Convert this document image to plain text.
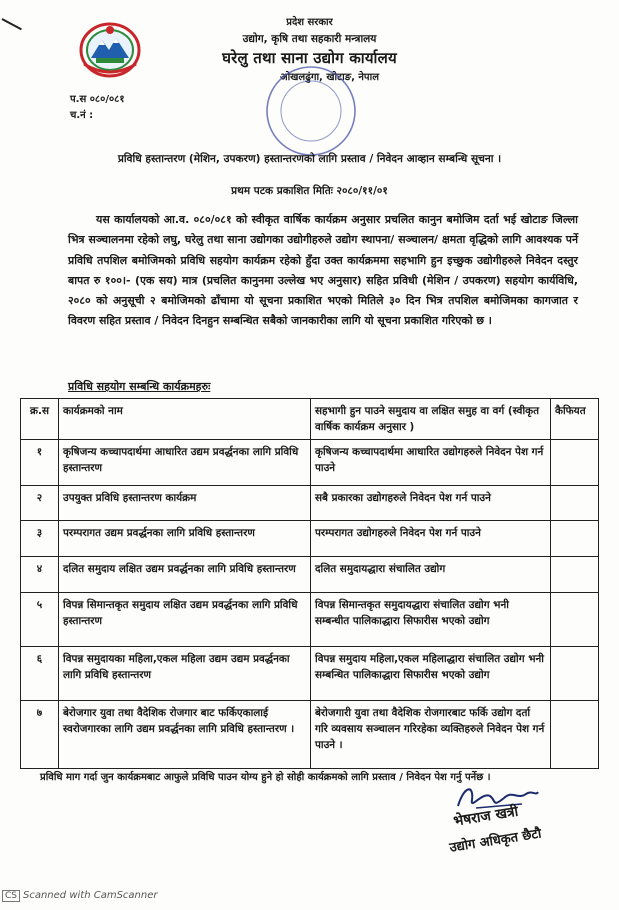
प्रदेश सरकार
उद्योग, कृषि तथा सहकारी मन्त्रालय
घरेलु तथा साना उद्योग कार्यालय
ओखलढुंगा, खोटाङ, नेपाल
प.स ०८०/०८१
च.नं :
प्रविधि हस्तान्तरण (मेशिन, उपकरण) हस्तान्तरणको लागि प्रस्ताव / निवेदन आव्हान सम्बन्धि सूचना ।
प्रथम पटक प्रकाशित मितिः २०८०/११/०१

यस कार्यालयको आ.व. ०८०/०८१ को स्वीकृत वार्षिक कार्यक्रम अनुसार प्रचलित कानुन बमोजिम दर्ता भई खोटाङ जिल्ला भित्र सञ्चालनमा रहेको लघु, घरेलु तथा साना उद्योगका उद्योगीहरुले उद्योग स्थापना/ सञ्चालन/ क्षमता वृद्धिको लागि आवश्यक पर्ने प्रविधि तपशिल बमोजिमको प्रविधि सहयोग कार्यक्रम रहेको हुँदा उक्त कार्यक्रममा सहभागि हुन इच्छुक उद्योगीहरुले निवेदन दस्तुर बापत रु १००।- (एक सय) मात्र (प्रचलित कानुनमा उल्लेख भए अनुसार) सहित प्रविधी (मेशिन / उपकरण) सहयोग कार्यविधि, २०८० को अनुसूची २ बमोजिमको ढाँचामा यो सूचना प्रकाशित भएको मितिले ३० दिन भित्र तपशिल बमोजिमका कागजात र विवरण सहित प्रस्ताव / निवेदन दिनहुन सम्बन्धित सबैको जानकारीका लागि यो सूचना प्रकाशित गरिएको छ ।

प्रविधि सहयोग सम्बन्धि कार्यक्रमहरुः
क्र.स	कार्यक्रमको नाम	सहभागी हुन पाउने समुदाय वा लक्षित समुह वा वर्ग (स्वीकृत वार्षिक कार्यक्रम अनुसार )	कैफियत
१	कृषिजन्य कच्चापदार्थमा आधारित उद्यम प्रवर्द्धनका लागि प्रविधि हस्तान्तरण	कृषिजन्य कच्चापदार्थमा आधारित उद्योगहरुले निवेदन पेश गर्न पाउने	
२	उपयुक्त प्रविधि हस्तान्तरण कार्यक्रम	सबै प्रकारका उद्योगहरुले निवेदन पेश गर्न पाउने	
३	परम्परागत उद्यम प्रवर्द्धनका लागि प्रविधि हस्तान्तरण	परम्परागत उद्योगहरुले निवेदन पेश गर्न पाउने	
४	दलित समुदाय लक्षित उद्यम प्रवर्द्धनका लागि प्रविधि हस्तान्तरण	दलित समुदायद्धारा संचालित उद्योग	
५	विपन्न सिमान्तकृत समुदाय लक्षित उद्यम प्रवर्द्धनका लागि प्रविधि हस्तान्तरण	विपन्न सिमान्तकृत समुदायद्धारा संचालित उद्योग भनी सम्बन्धीत पालिकाद्धारा सिफारीस भएको उद्योग	
६	विपन्न समुदायका महिला,एकल महिला उद्यम उद्यम प्रवर्द्धनका लागि प्रविधि हस्तान्तरण	विपन्न समुदाय महिला,एकल महिलाद्धारा संचालित उद्योग भनी सम्बन्धित पालिकाद्धारा सिफारीस भएको उद्योग	
७	बेरोजगार युवा तथा वैदेशिक रोजगार बाट फर्किएकालाई स्वरोजगारका लागि उद्यम प्रवर्द्धनका लागि प्रविधि हस्तान्तरण ।	बेरोजगारी युवा तथा वैदेशिक रोजगारबाट फर्कि उद्योग दर्ता गरि व्यवसाय सञ्चालन गरिरहेका व्यक्तिहरुले निवेदन पेश गर्न पाउने ।	
प्रविधि माग गर्दा जुन कार्यक्रमबाट आफुले प्रविधि पाउन योग्य हुने हो सोही कार्यक्रमको लागि प्रस्ताव / निवेदन पेश गर्नु पर्नेछ ।
भेषराज खत्री
उद्योग अधिकृत छैटौ
CS Scanned with CamScanner
